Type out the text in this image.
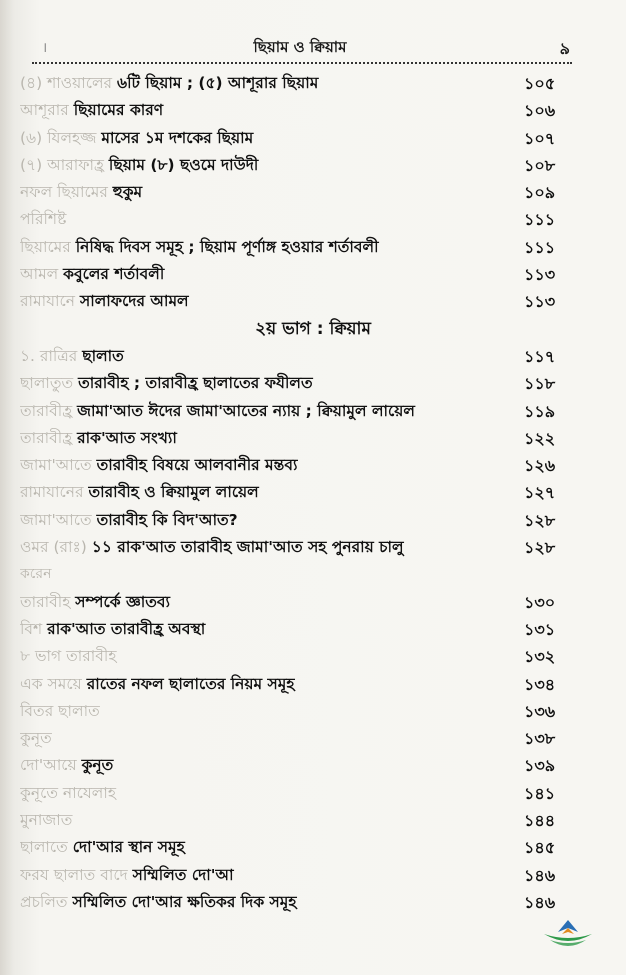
।	ছিয়াম ও ক্বিয়াম	৯
(৪) শাওয়ালের ৬টি ছিয়াম ; (৫) আশূরার ছিয়াম	১০৫
আশূরার ছিয়ামের কারণ	১০৬
(৬) যিলহজ্জ মাসের ১ম দশকের ছিয়াম	১০৭
(৭) আরাফাহ্র ছিয়াম (৮) ছওমে দাউদী	১০৮
নফল ছিয়ামের হুকুম	১০৯
পরিশিষ্ট	১১১
ছিয়ামের নিষিদ্ধ দিবস সমূহ ; ছিয়াম পূর্ণাঙ্গ হওয়ার শর্তাবলী	১১১
আমল কবুলের শর্তাবলী	১১৩
রামাযানে সালাফদের আমল	১১৩
২য় ভাগ : ক্বিয়াম
১. রাত্রির ছালাত	১১৭
ছালাতুত তারাবীহ ; তারাবীহ্র ছালাতের ফযীলত	১১৮
তারাবীহ্র জামা'আত ঈদের জামা'আতের ন্যায় ; ক্বিয়ামুল লায়েল	১১৯
তারাবীহ্র রাক'আত সংখ্যা	১২২
জামা'আতে তারাবীহ বিষয়ে আলবানীর মন্তব্য	১২৬
রামাযানের তারাবীহ ও ক্বিয়ামুল লায়েল	১২৭
জামা'আতে তারাবীহ কি বিদ'আত?	১২৮
ওমর (রাঃ) ১১ রাক'আত তারাবীহ জামা'আত সহ পুনরায় চালু	১২৮
করেন
তারাবীহ সম্পর্কে জ্ঞাতব্য	১৩০
বিশ রাক'আত তারাবীহ্র অবস্থা	১৩১
৮ ভাগ তারাবীহ	১৩২
এক সময়ে রাতের নফল ছালাতের নিয়ম সমূহ	১৩৪
বিতর ছালাত	১৩৬
কুনূত	১৩৮
দো'আয়ে কুনূত	১৩৯
কুনূতে নাযেলাহ	১৪১
মুনাজাত	১৪৪
ছালাতে দো'আর স্থান সমূহ	১৪৫
ফরয ছালাত বাদে সম্মিলিত দো'আ	১৪৬
প্রচলিত সম্মিলিত দো'আর ক্ষতিকর দিক সমূহ	১৪৬
